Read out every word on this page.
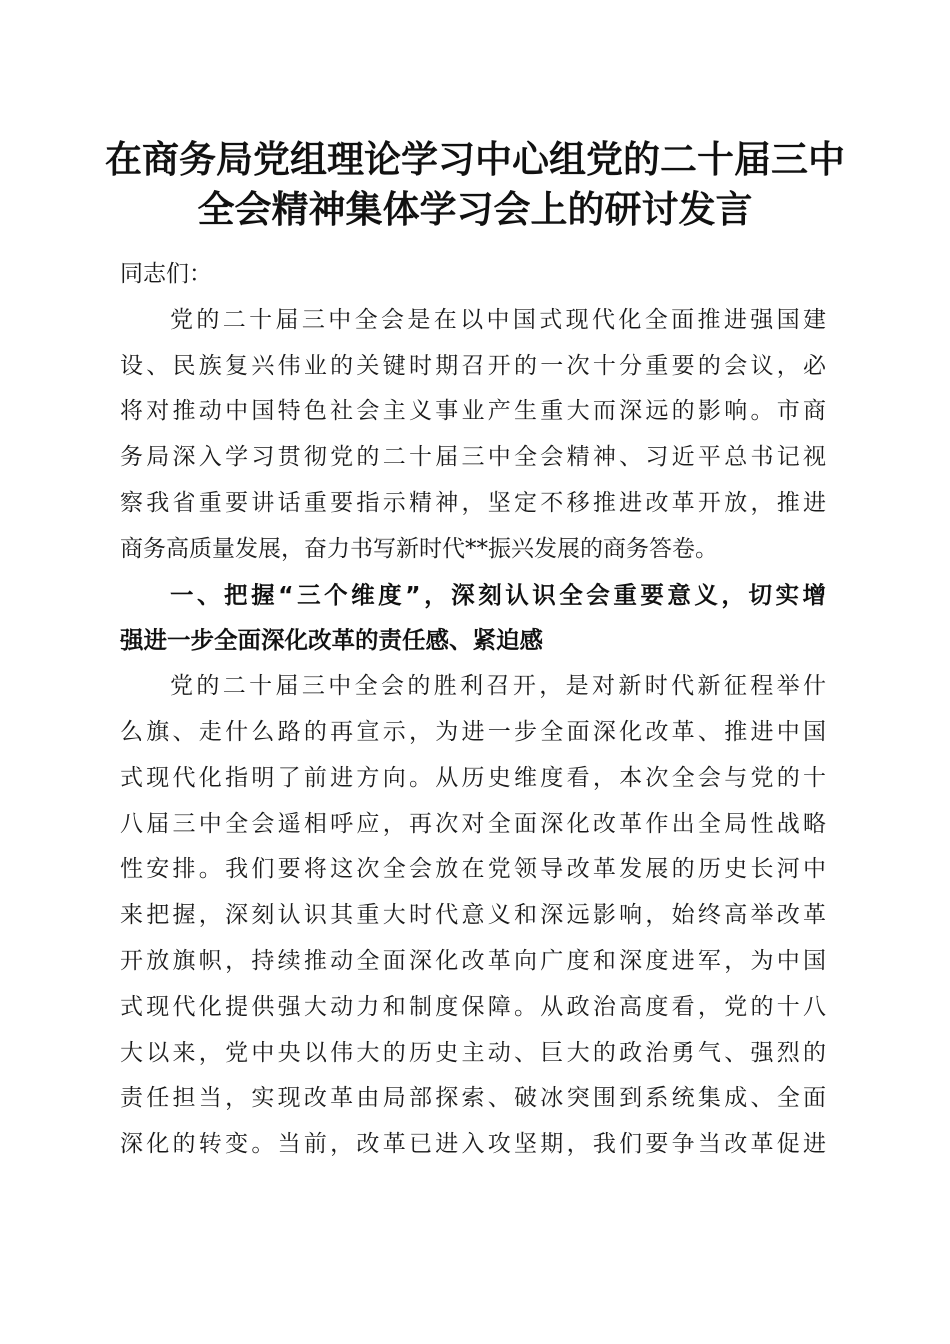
在商务局党组理论学习中心组党的二十届三中
全会精神集体学习会上的研讨发言
同志们：
党的二十届三中全会是在以中国式现代化全面推进强国建
设、民族复兴伟业的关键时期召开的一次十分重要的会议，必
将对推动中国特色社会主义事业产生重大而深远的影响。市商
务局深入学习贯彻党的二十届三中全会精神、习近平总书记视
察我省重要讲话重要指示精神，坚定不移推进改革开放，推进
商务高质量发展，奋力书写新时代**振兴发展的商务答卷。
一、把握“三个维度”，深刻认识全会重要意义，切实增
强进一步全面深化改革的责任感、紧迫感
党的二十届三中全会的胜利召开，是对新时代新征程举什
么旗、走什么路的再宣示，为进一步全面深化改革、推进中国
式现代化指明了前进方向。从历史维度看，本次全会与党的十
八届三中全会遥相呼应，再次对全面深化改革作出全局性战略
性安排。我们要将这次全会放在党领导改革发展的历史长河中
来把握，深刻认识其重大时代意义和深远影响，始终高举改革
开放旗帜，持续推动全面深化改革向广度和深度进军，为中国
式现代化提供强大动力和制度保障。从政治高度看，党的十八
大以来，党中央以伟大的历史主动、巨大的政治勇气、强烈的
责任担当，实现改革由局部探索、破冰突围到系统集成、全面
深化的转变。当前，改革已进入攻坚期，我们要争当改革促进
